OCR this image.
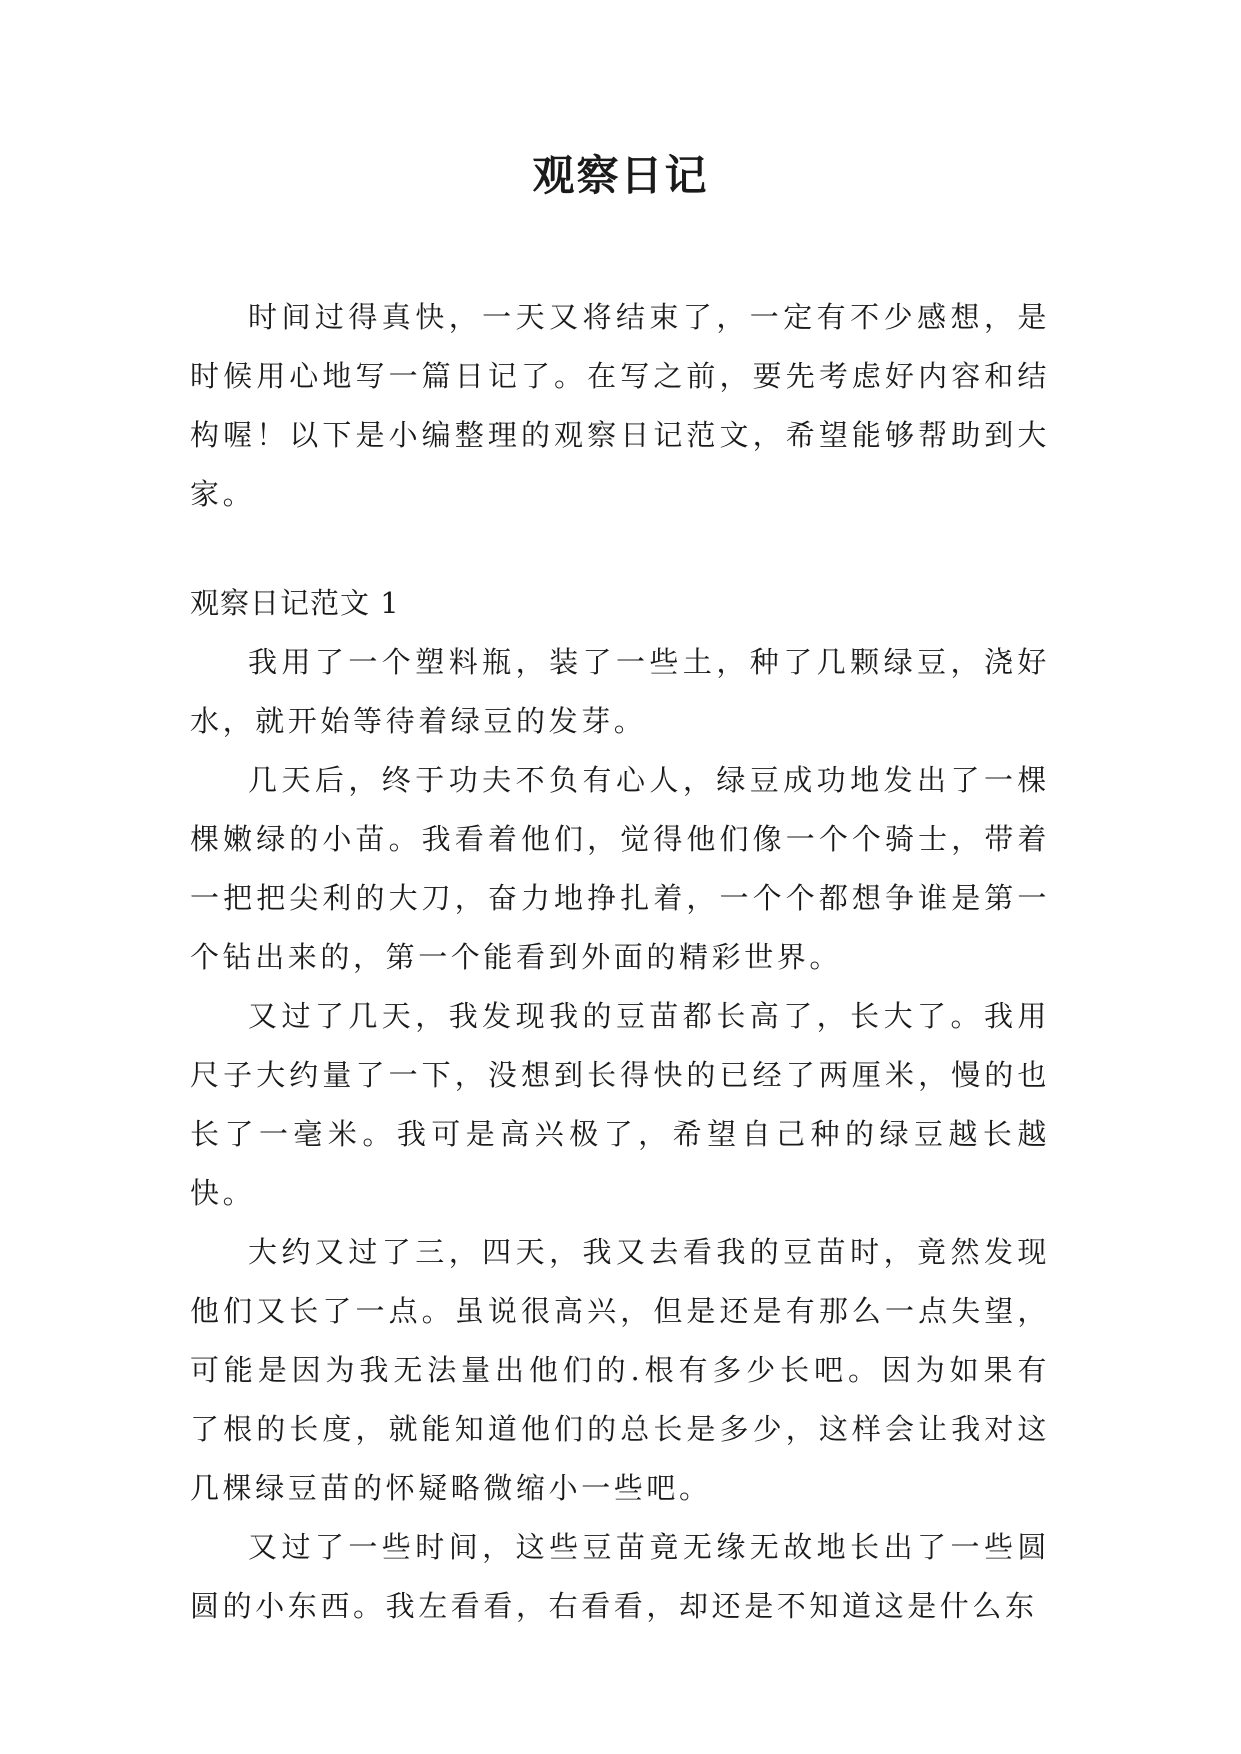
观察日记

时间过得真快，一天又将结束了，一定有不少感想，是时候用心地写一篇日记了。在写之前，要先考虑好内容和结构喔！以下是小编整理的观察日记范文，希望能够帮助到大家。

观察日记范文 1

我用了一个塑料瓶，装了一些土，种了几颗绿豆，浇好水，就开始等待着绿豆的发芽。

几天后，终于功夫不负有心人，绿豆成功地发出了一棵棵嫩绿的小苗。我看着他们，觉得他们像一个个骑士，带着一把把尖利的大刀，奋力地挣扎着，一个个都想争谁是第一个钻出来的，第一个能看到外面的精彩世界。

又过了几天，我发现我的豆苗都长高了，长大了。我用尺子大约量了一下，没想到长得快的已经了两厘米，慢的也长了一毫米。我可是高兴极了，希望自己种的绿豆越长越快。

大约又过了三，四天，我又去看我的豆苗时，竟然发现他们又长了一点。虽说很高兴，但是还是有那么一点失望，可能是因为我无法量出他们的.根有多少长吧。因为如果有了根的长度，就能知道他们的总长是多少，这样会让我对这几棵绿豆苗的怀疑略微缩小一些吧。

又过了一些时间，这些豆苗竟无缘无故地长出了一些圆圆的小东西。我左看看，右看看，却还是不知道这是什么东
